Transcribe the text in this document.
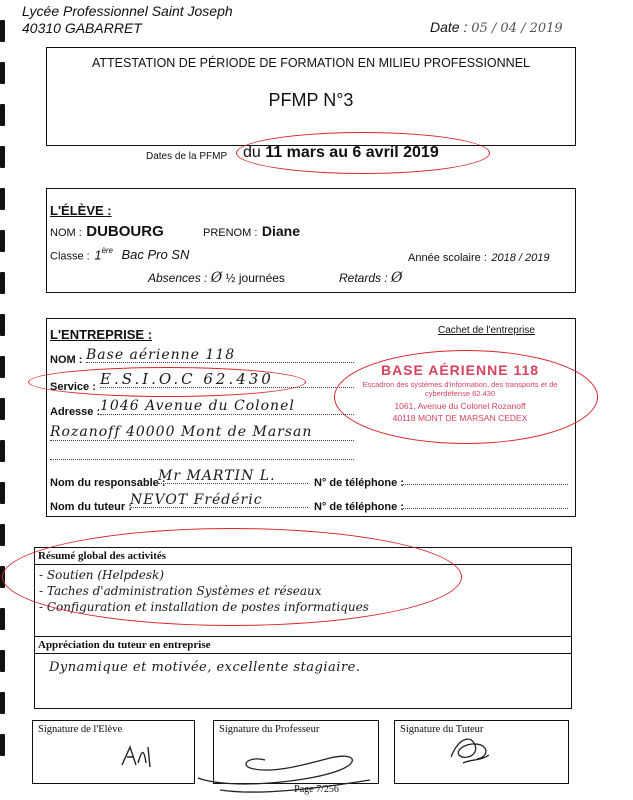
Lycée Professionnel Saint Joseph
40310 GABARRET	Date : 05 / 04 / 2019
ATTESTATION DE PÉRIODE DE FORMATION EN MILIEU PROFESSIONNEL
PFMP N°3
Dates de la PFMP du 11 mars au 6 avril 2019
L'ÉLÈVE :
NOM : DUBOURG	PRENOM : Diane
Classe : 1ère Bac Pro SN	Année scolaire : 2018 / 2019
Absences : Ø ½ journées	Retards : Ø
L'ENTREPRISE :	Cachet de l'entreprise
NOM : Base aérienne 118
Service : E.S.I.O.C 62.430
Adresse : 1046 Avenue du Colonel
Rozanoff 40000 Mont de Marsan
BASE AÉRIENNE 118
Escadron des systèmes d'information, des transports et de cyberdéfense 62.430
1061, Avenue du Colonel Rozanoff
40118 MONT DE MARSAN CEDEX
Nom du responsable :
Mr MARTIN L.	N° de téléphone :
Nom du tuteur :
NEVOT Frédéric	N° de téléphone :
Résumé global des activités
- Soutien (Helpdesk)
- Taches d'administration Systèmes et réseaux
- Configuration et installation de postes informatiques
Appréciation du tuteur en entreprise
Dynamique et motivée, excellente stagiaire.
Signature de l'Elève	Signature du Professeur	Signature du Tuteur
Page 7/256
